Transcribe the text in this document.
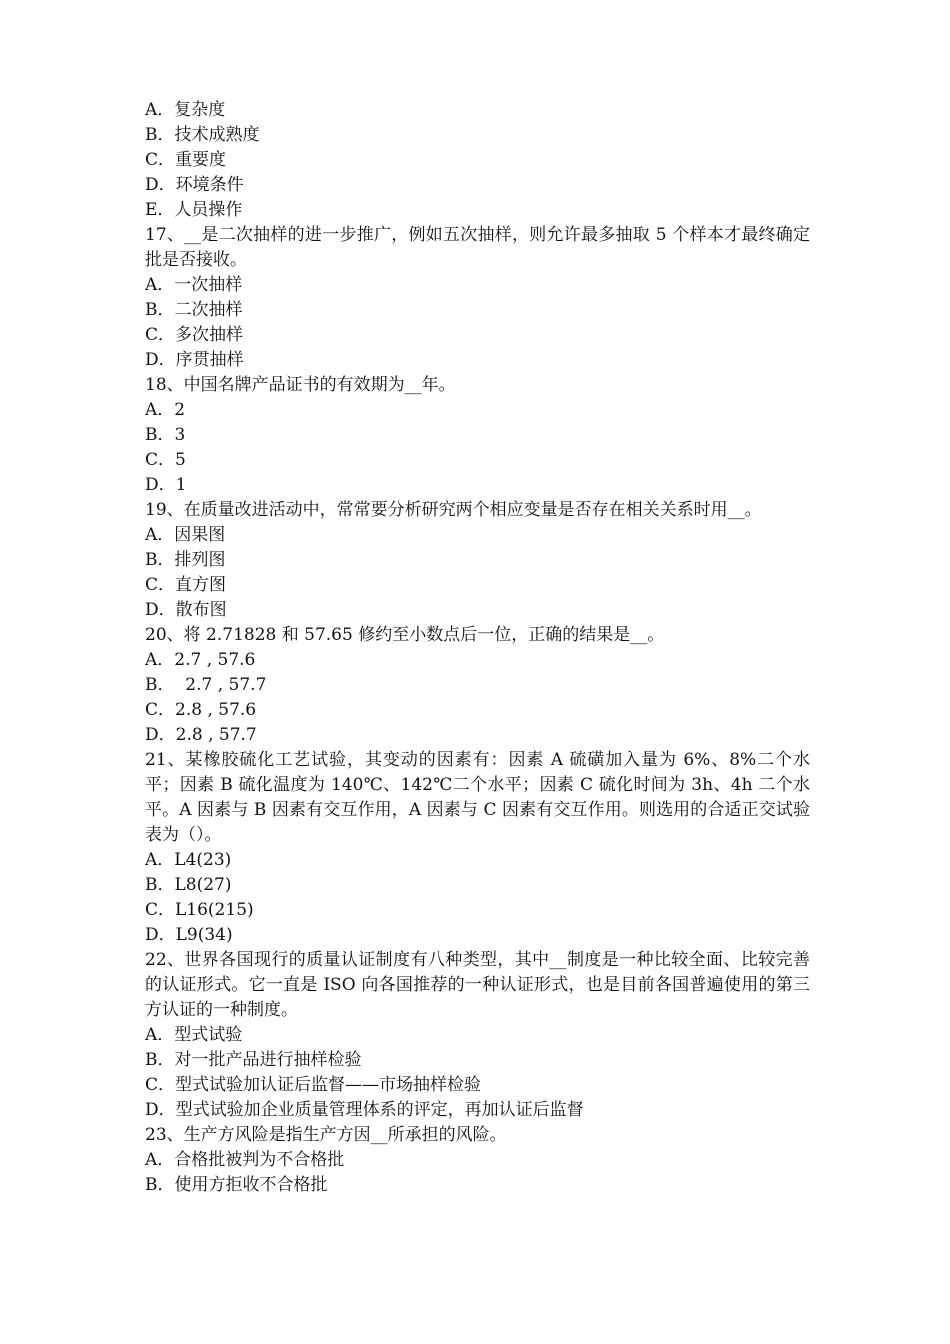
A．复杂度
B．技术成熟度
C．重要度
D．环境条件
E．人员操作
17、__是二次抽样的进一步推广，例如五次抽样，则允许最多抽取 5 个样本才最终确定批是否接收。
A．一次抽样
B．二次抽样
C．多次抽样
D．序贯抽样
18、中国名牌产品证书的有效期为__年。
A．2
B．3
C．5
D．1
19、在质量改进活动中，常常要分析研究两个相应变量是否存在相关关系时用__。
A．因果图
B．排列图
C．直方图
D．散布图
20、将 2.71828 和 57.65 修约至小数点后一位，正确的结果是__。
A．2.7 , 57.6
B．  2.7 , 57.7
C．2.8 , 57.6
D．2.8 , 57.7
21、某橡胶硫化工艺试验，其变动的因素有：因素 A 硫磺加入量为 6%、8%二个水平；因素 B 硫化温度为 140℃、142℃二个水平；因素 C 硫化时间为 3h、4h 二个水平。A 因素与 B 因素有交互作用，A 因素与 C 因素有交互作用。则选用的合适正交试验表为（）。
A．L4(23)
B．L8(27)
C．L16(215)
D．L9(34)
22、世界各国现行的质量认证制度有八种类型，其中__制度是一种比较全面、比较完善的认证形式。它一直是 ISO 向各国推荐的一种认证形式，也是目前各国普遍使用的第三方认证的一种制度。
A．型式试验
B．对一批产品进行抽样检验
C．型式试验加认证后监督——市场抽样检验
D．型式试验加企业质量管理体系的评定，再加认证后监督
23、生产方风险是指生产方因__所承担的风险。
A．合格批被判为不合格批
B．使用方拒收不合格批
